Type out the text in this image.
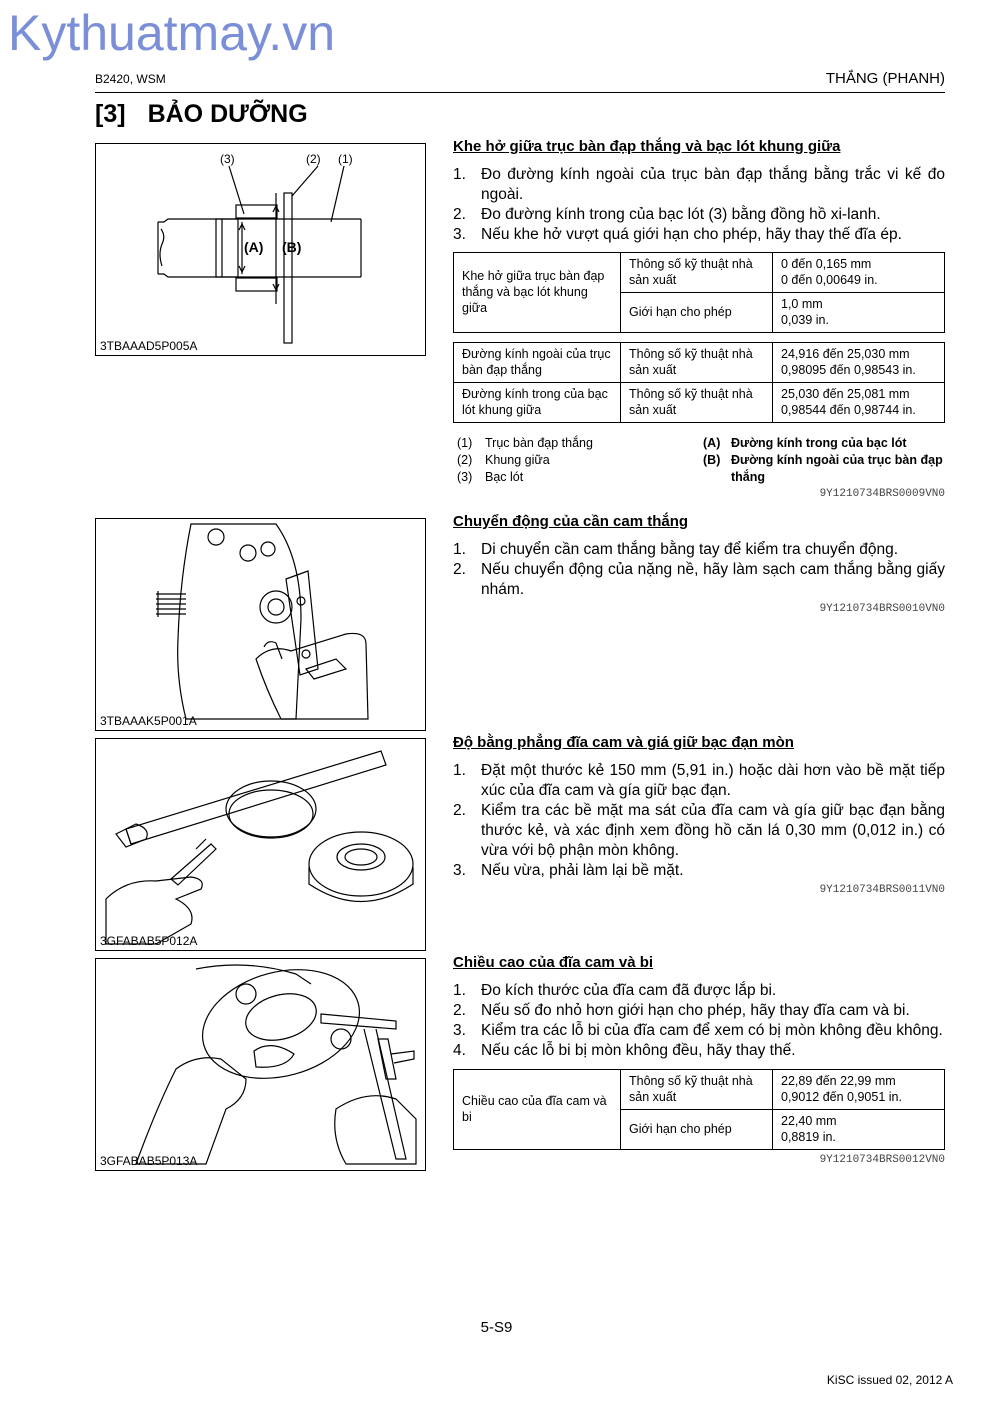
Kythuatmay.vn
B2420, WSM	THẮNG (PHANH)
[3] BẢO DƯỠNG
(3)	(2) (1)
(A) (B)
3TBAAAD5P005A
3TBAAAK5P001A
3GFABAB5P012A
3GFABAB5P013A
Khe hở giữa trục bàn đạp thắng và bạc lót khung giữa
1. Đo đường kính ngoài của trục bàn đạp thắng bằng trắc vi kế đo ngoài.
2. Đo đường kính trong của bạc lót (3) bằng đồng hồ xi-lanh.
3. Nếu khe hở vượt quá giới hạn cho phép, hãy thay thế đĩa ép.
Khe hở giữa trục bàn đạp thắng và bạc lót khung giữa	Thông số kỹ thuật nhà sản xuất	0 đến 0,165 mm
0 đến 0,00649 in.

	Giới hạn cho phép	1,0 mm
0,039 in.
Đường kính ngoài của trục bàn đạp thắng	Thông số kỹ thuật nhà sản xuất	24,916 đến 25,030 mm
0,98095 đến 0,98543 in.

Đường kính trong của bạc lót khung giữa	Thông số kỹ thuật nhà sản xuất	25,030 đến 25,081 mm
0,98544 đến 0,98744 in.
(1) Trục bàn đạp thắng	(A) Đường kính trong của bạc lót
(2) Khung giữa	(B) Đường kính ngoài của trục bàn đạp thắng
(3) Bạc lót
9Y1210734BRS0009VN0
Chuyển động của cần cam thắng
1. Di chuyển cần cam thắng bằng tay để kiểm tra chuyển động.
2. Nếu chuyển động của nặng nề, hãy làm sạch cam thắng bằng giấy nhám.
9Y1210734BRS0010VN0
Độ bằng phẳng đĩa cam và giá giữ bạc đạn mòn
1. Đặt một thước kẻ 150 mm (5,91 in.) hoặc dài hơn vào bề mặt tiếp xúc của đĩa cam và gía giữ bạc đạn.
2. Kiểm tra các bề mặt ma sát của đĩa cam và gía giữ bạc đạn bằng thước kẻ, và xác định xem đồng hồ căn lá 0,30 mm (0,012 in.) có vừa với bộ phận mòn không.
3. Nếu vừa, phải làm lại bề mặt.
9Y1210734BRS0011VN0
Chiều cao của đĩa cam và bi
1. Đo kích thước của đĩa cam đã được lắp bi.
2. Nếu số đo nhỏ hơn giới hạn cho phép, hãy thay đĩa cam và bi.
3. Kiểm tra các lỗ bi của đĩa cam để xem có bị mòn không đều không.
4. Nếu các lỗ bi bị mòn không đều, hãy thay thế.
Chiều cao của đĩa cam và bi	Thông số kỹ thuật nhà sản xuất	22,89 đến 22,99 mm
0,9012 đến 0,9051 in.

	Giới hạn cho phép	22,40 mm
0,8819 in.
9Y1210734BRS0012VN0
5-S9
KiSC issued 02, 2012 A
